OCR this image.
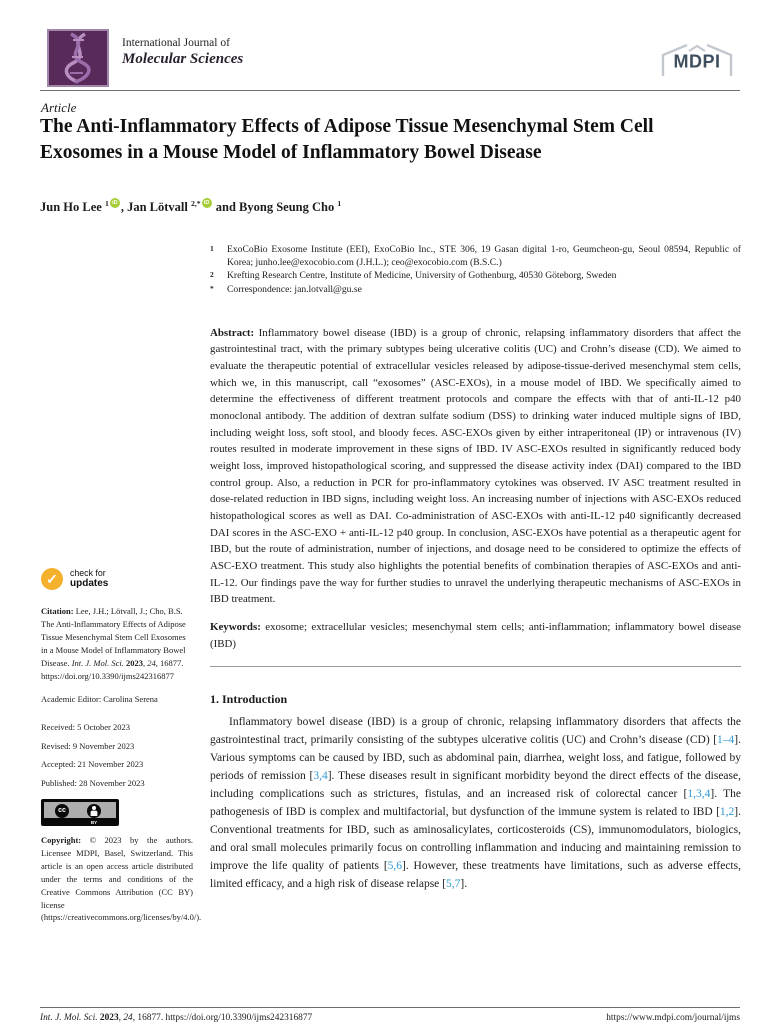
International Journal of
Molecular Sciences	MDPI
Article
The Anti-Inflammatory Effects of Adipose Tissue Mesenchymal Stem Cell Exosomes in a Mouse Model of Inflammatory Bowel Disease
Jun Ho Lee $^1$ iD , Jan Lötvall $^{2,*}$iD and Byong Seung Cho $^1$
1	ExoCoBio Exosome Institute (EEI), ExoCoBio Inc., STE 306, 19 Gasan digital 1-ro, Geumcheon-gu, Seoul 08594, Republic of Korea; junho.lee@exocobio.com (J.H.L.); ceo@exocobio.com (B.S.C.)
2	Krefting Research Centre, Institute of Medicine, University of Gothenburg, 40530 Göteborg, Sweden
*	Correspondence: jan.lotvall@gu.se
Abstract: Inflammatory bowel disease (IBD) is a group of chronic, relapsing inflammatory disorders that affect the gastrointestinal tract, with the primary subtypes being ulcerative colitis (UC) and Crohn’s disease (CD). We aimed to evaluate the therapeutic potential of extracellular vesicles released by adipose-tissue-derived mesenchymal stem cells, which we, in this manuscript, call “exosomes” (ASC-EXOs), in a mouse model of IBD. We specifically aimed to determine the effectiveness of different treatment protocols and compare the effects with that of anti-IL-12 p40 monoclonal antibody. The addition of dextran sulfate sodium (DSS) to drinking water induced multiple signs of IBD, including weight loss, soft stool, and bloody feces. ASC-EXOs given by either intraperitoneal (IP) or intravenous (IV) routes resulted in moderate improvement in these signs of IBD. IV ASC-EXOs resulted in significantly reduced body weight loss, improved histopathological scoring, and suppressed the disease activity index (DAI) compared to the IBD control group. Also, a reduction in PCR for pro-inflammatory cytokines was observed. IV ASC treatment resulted in dose-related reduction in IBD signs, including weight loss. An increasing number of injections with ASC-EXOs reduced histopathological scores as well as DAI. Co-administration of ASC-EXOs with anti-IL-12 p40 significantly decreased DAI scores in the ASC-EXO + anti-IL-12 p40 group. In conclusion, ASC-EXOs have potential as a therapeutic agent for IBD, but the route of administration, number of injections, and dosage need to be considered to optimize the effects of ASC-EXO treatment. This study also highlights the potential benefits of combination therapies of ASC-EXOs and anti-IL-12. Our findings pave the way for further studies to unravel the underlying therapeutic mechanisms of ASC-EXOs in IBD treatment.
Keywords: exosome; extracellular vesicles; mesenchymal stem cells; anti-inflammation; inflammatory bowel disease (IBD)
1. Introduction
Inflammatory bowel disease (IBD) is a group of chronic, relapsing inflammatory disorders that affects the gastrointestinal tract, primarily consisting of the subtypes ulcerative colitis (UC) and Crohn’s disease (CD) [1–4]. Various symptoms can be caused by IBD, such as abdominal pain, diarrhea, weight loss, and fatigue, followed by periods of remission [3,4]. These diseases result in significant morbidity beyond the direct effects of the disease, including complications such as strictures, fistulas, and an increased risk of colorectal cancer [1,3,4]. The pathogenesis of IBD is complex and multifactorial, but dysfunction of the immune system is related to IBD [1,2]. Conventional treatments for IBD, such as aminosalicylates, corticosteroids (CS), immunomodulators, biologics, and oral small molecules primarily focus on controlling inflammation and inducing and maintaining remission to improve the life quality of patients [5,6]. However, these treatments have limitations, such as adverse effects, limited efficacy, and a high risk of disease relapse [5,7].
✓	check for
updates
Citation: Lee, J.H.; Lötvall, J.; Cho, B.S. The Anti-Inflammatory Effects of Adipose Tissue Mesenchymal Stem Cell Exosomes in a Mouse Model of Inflammatory Bowel Disease. Int. J. Mol. Sci. 2023, 24, 16877. https://doi.org/10.3390/ijms242316877
Academic Editor: Carolina Serena
Received: 5 October 2023
Revised: 9 November 2023
Accepted: 21 November 2023
Published: 28 November 2023
cc
BY
Copyright: © 2023 by the authors. Licensee MDPI, Basel, Switzerland. This article is an open access article distributed under the terms and conditions of the Creative Commons Attribution (CC BY) license (https://creativecommons.org/licenses/by/4.0/).
Int. J. Mol. Sci. 2023, 24, 16877. https://doi.org/10.3390/ijms242316877	https://www.mdpi.com/journal/ijms
